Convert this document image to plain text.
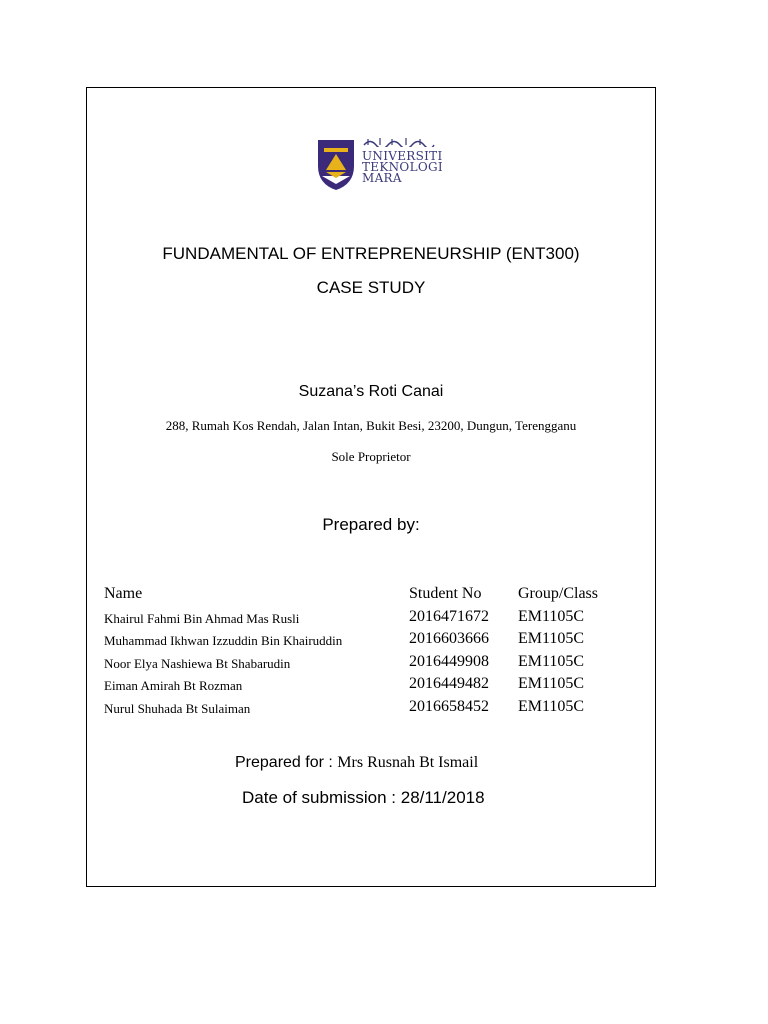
UNIVERSITI
TEKNOLOGI
MARA
FUNDAMENTAL OF ENTREPRENEURSHIP (ENT300)
CASE STUDY
Suzana’s Roti Canai
288, Rumah Kos Rendah, Jalan Intan, Bukit Besi, 23200, Dungun, Terengganu
Sole Proprietor
Prepared by:
Name	Student No Group/Class
Khairul Fahmi Bin Ahmad Mas Rusli	2016471672 EM1105C
Muhammad Ikhwan Izzuddin Bin Khairuddin	2016603666 EM1105C
Noor Elya Nashiewa Bt Shabarudin	2016449908 EM1105C
Eiman Amirah Bt Rozman	2016449482 EM1105C
Nurul Shuhada Bt Sulaiman	2016658452 EM1105C
Prepared for : Mrs Rusnah Bt Ismail
Date of submission : 28/11/2018
